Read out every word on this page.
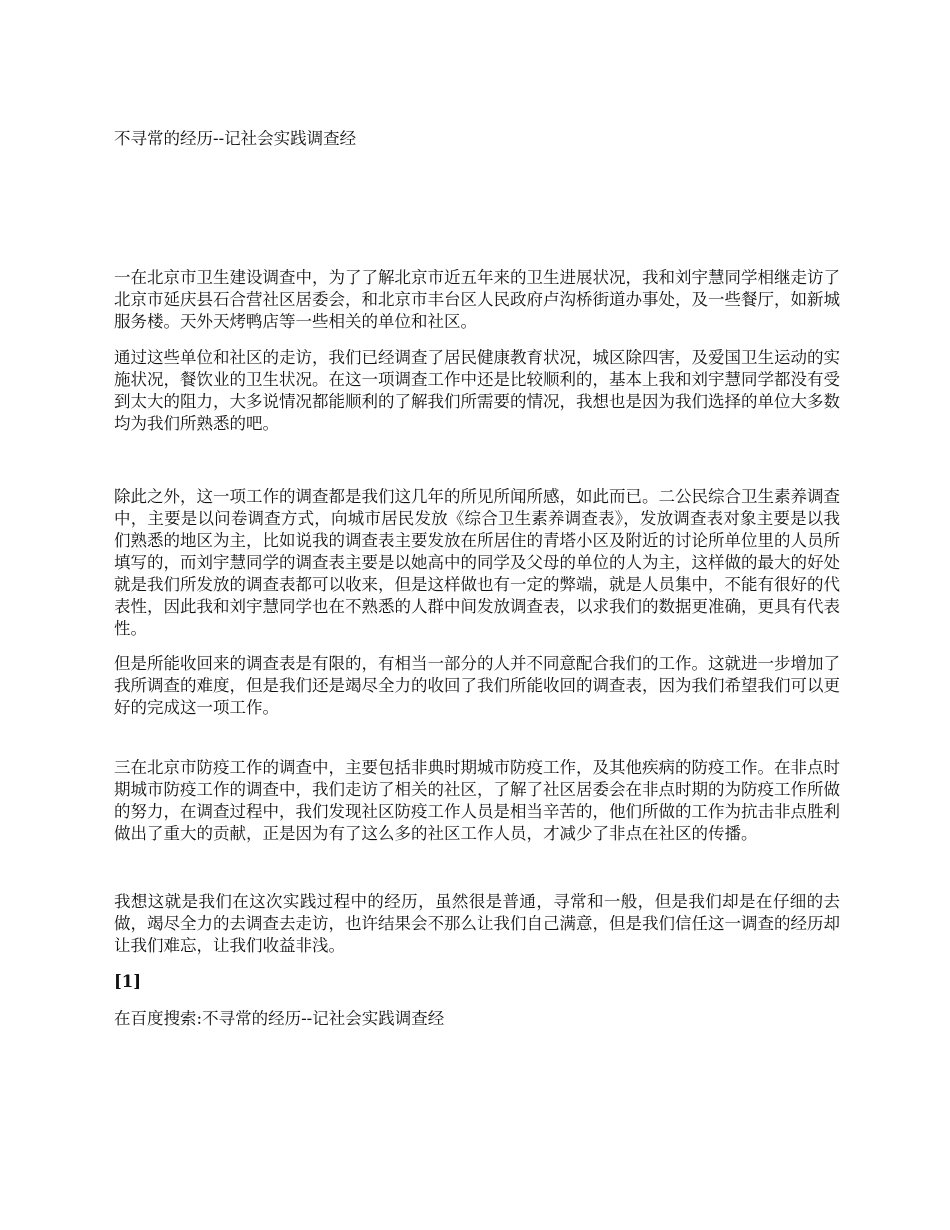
不寻常的经历--记社会实践调查经

一在北京市卫生建设调查中，为了了解北京市近五年来的卫生进展状况，我和刘宇慧同学相继走访了北京市延庆县石合营社区居委会，和北京市丰台区人民政府卢沟桥街道办事处，及一些餐厅，如新城服务楼。天外天烤鸭店等一些相关的单位和社区。

通过这些单位和社区的走访，我们已经调查了居民健康教育状况，城区除四害，及爱国卫生运动的实施状况，餐饮业的卫生状况。在这一项调查工作中还是比较顺利的，基本上我和刘宇慧同学都没有受到太大的阻力，大多说情况都能顺利的了解我们所需要的情况，我想也是因为我们选择的单位大多数均为我们所熟悉的吧。

除此之外，这一项工作的调查都是我们这几年的所见所闻所感，如此而已。二公民综合卫生素养调查中，主要是以问卷调查方式，向城市居民发放《综合卫生素养调查表》，发放调查表对象主要是以我们熟悉的地区为主，比如说我的调查表主要发放在所居住的青塔小区及附近的讨论所单位里的人员所填写的，而刘宇慧同学的调查表主要是以她高中的同学及父母的单位的人为主，这样做的最大的好处就是我们所发放的调查表都可以收来，但是这样做也有一定的弊端，就是人员集中，不能有很好的代表性，因此我和刘宇慧同学也在不熟悉的人群中间发放调查表，以求我们的数据更准确，更具有代表性。

但是所能收回来的调查表是有限的，有相当一部分的人并不同意配合我们的工作。这就进一步增加了我所调查的难度，但是我们还是竭尽全力的收回了我们所能收回的调查表，因为我们希望我们可以更好的完成这一项工作。

三在北京市防疫工作的调查中，主要包括非典时期城市防疫工作，及其他疾病的防疫工作。在非点时期城市防疫工作的调查中，我们走访了相关的社区，了解了社区居委会在非点时期的为防疫工作所做的努力，在调查过程中，我们发现社区防疫工作人员是相当辛苦的，他们所做的工作为抗击非点胜利做出了重大的贡献，正是因为有了这么多的社区工作人员，才减少了非点在社区的传播。

我想这就是我们在这次实践过程中的经历，虽然很是普通，寻常和一般，但是我们却是在仔细的去做，竭尽全力的去调查去走访，也许结果会不那么让我们自己满意，但是我们信任这一调查的经历却让我们难忘，让我们收益非浅。

[1]

在百度搜索:不寻常的经历--记社会实践调查经
